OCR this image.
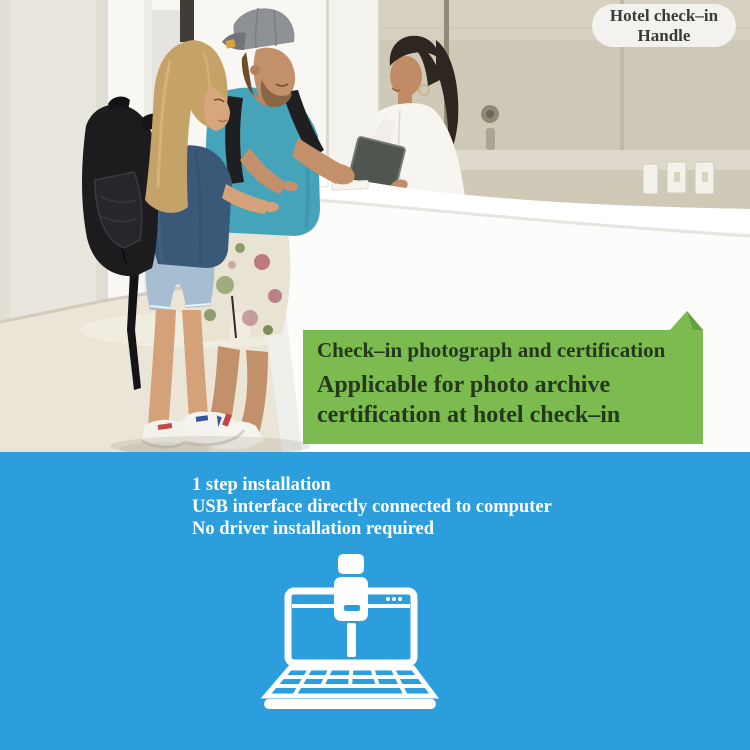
Hotel check–in
Handle
Check–in photograph and certification
Applicable for photo archive
certification at hotel check–in
1 step installation
USB interface directly connected to computer
No driver installation required
